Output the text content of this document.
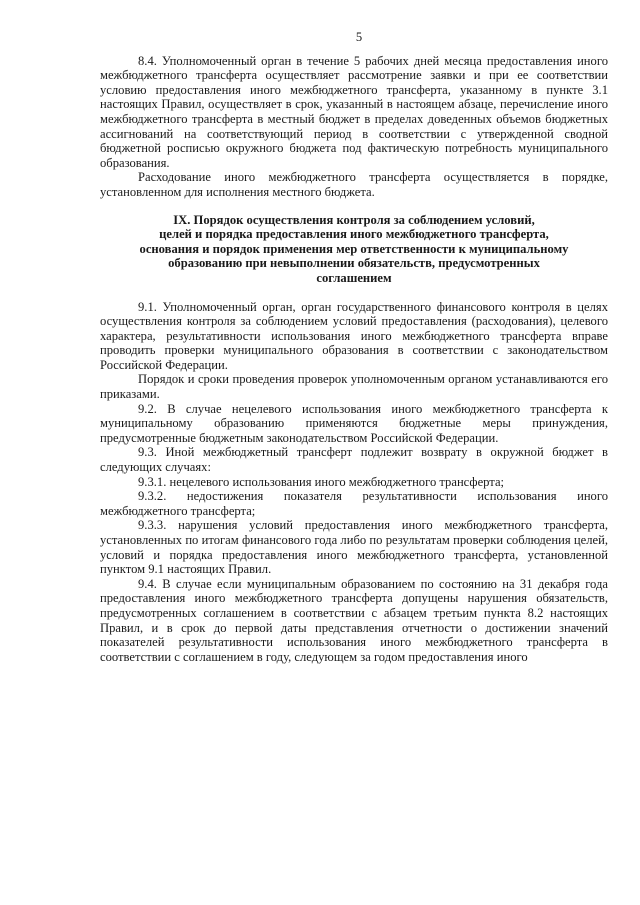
5

8.4. Уполномоченный орган в течение 5 рабочих дней месяца предоставления иного межбюджетного трансферта осуществляет рассмотрение заявки и при ее соответствии условию предоставления иного межбюджетного трансферта, указанному в пункте 3.1 настоящих Правил, осуществляет в срок, указанный в настоящем абзаце, перечисление иного межбюджетного трансферта в местный бюджет в пределах доведенных объемов бюджетных ассигнований на соответствующий период в соответствии с утвержденной сводной бюджетной росписью окружного бюджета под фактическую потребность муниципального образования.

Расходование иного межбюджетного трансферта осуществляется в порядке, установленном для исполнения местного бюджета.

IX. Порядок осуществления контроля за соблюдением условий,
целей и порядка предоставления иного межбюджетного трансферта,
основания и порядок применения мер ответственности к муниципальному
образованию при невыполнении обязательств, предусмотренных
соглашением

9.1. Уполномоченный орган, орган государственного финансового контроля в целях осуществления контроля за соблюдением условий предоставления (расходования), целевого характера, результативности использования иного межбюджетного трансферта вправе проводить проверки муниципального образования в соответствии с законодательством Российской Федерации.

Порядок и сроки проведения проверок уполномоченным органом устанавливаются его приказами.

9.2. В случае нецелевого использования иного межбюджетного трансферта к муниципальному образованию применяются бюджетные меры принуждения, предусмотренные бюджетным законодательством Российской Федерации.

9.3. Иной межбюджетный трансферт подлежит возврату в окружной бюджет в следующих случаях:

9.3.1. нецелевого использования иного межбюджетного трансферта;

9.3.2. недостижения показателя результативности использования иного межбюджетного трансферта;

9.3.3. нарушения условий предоставления иного межбюджетного трансферта, установленных по итогам финансового года либо по результатам проверки соблюдения целей, условий и порядка предоставления иного межбюджетного трансферта, установленной пунктом 9.1 настоящих Правил.

9.4. В случае если муниципальным образованием по состоянию на 31 декабря года предоставления иного межбюджетного трансферта допущены нарушения обязательств, предусмотренных соглашением в соответствии с абзацем третьим пункта 8.2 настоящих Правил, и в срок до первой даты представления отчетности о достижении значений показателей результативности использования иного межбюджетного трансферта в соответствии с соглашением в году, следующем за годом предоставления иного
